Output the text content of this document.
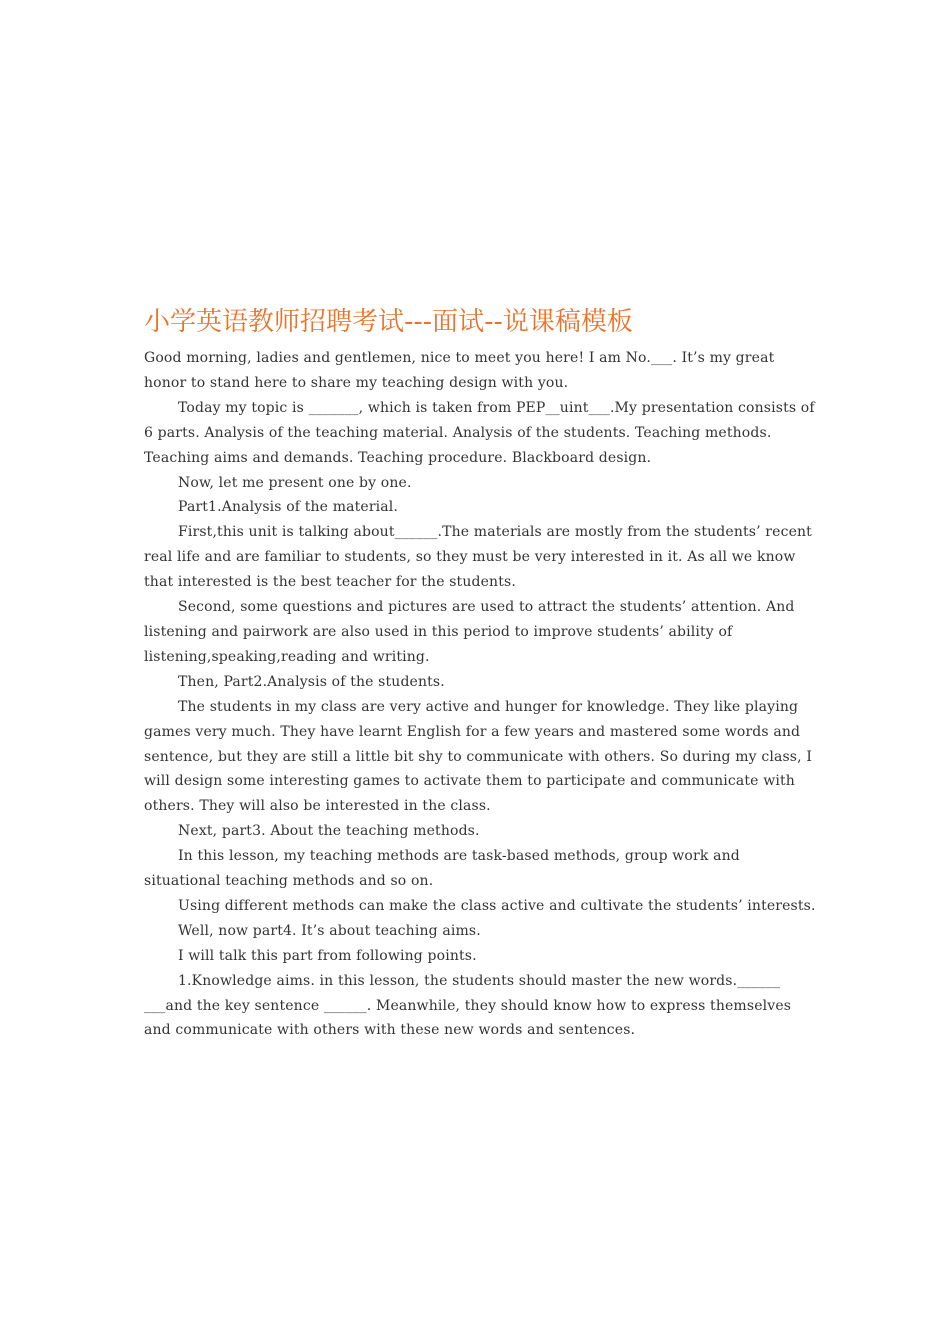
小学英语教师招聘考试---面试--说课稿模板

Good morning, ladies and gentlemen, nice to meet you here! I am No.___. It’s my great honor to stand here to share my teaching design with you.

Today my topic is _______, which is taken from PEP__uint___.My presentation consists of 6 parts. Analysis of the teaching material. Analysis of the students. Teaching methods. Teaching aims and demands. Teaching procedure. Blackboard design.

Now, let me present one by one.

Part1.Analysis of the material.

First,this unit is talking about______.The materials are mostly from the students’ recent real life and are familiar to students, so they must be very interested in it. As all we know that interested is the best teacher for the students.

Second, some questions and pictures are used to attract the students’ attention. And listening and pairwork are also used in this period to improve students’ ability of listening,speaking,reading and writing.

Then, Part2.Analysis of the students.

The students in my class are very active and hunger for knowledge. They like playing games very much. They have learnt English for a few years and mastered some words and sentence, but they are still a little bit shy to communicate with others. So during my class, I will design some interesting games to activate them to participate and communicate with others. They will also be interested in the class.

Next, part3. About the teaching methods.

In this lesson, my teaching methods are task-based methods, group work and situational teaching methods and so on.

Using different methods can make the class active and cultivate the students’ interests.

Well, now part4. It’s about teaching aims.

I will talk this part from following points.

1.Knowledge aims. in this lesson, the students should master the new words.______ ___and the key sentence ______. Meanwhile, they should know how to express themselves and communicate with others with these new words and sentences.
